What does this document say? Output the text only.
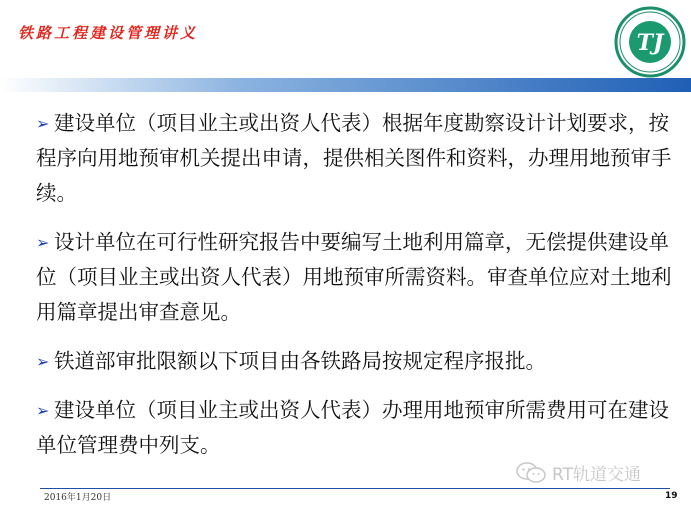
铁路工程建设管理讲义	TJ

➢ 建设单位（项目业主或出资人代表）根据年度勘察设计计划要求，按程序向用地预审机关提出申请，提供相关图件和资料，办理用地预审手续。

➢ 设计单位在可行性研究报告中要编写土地利用篇章，无偿提供建设单位（项目业主或出资人代表）用地预审所需资料。审查单位应对土地利用篇章提出审查意见。

➢ 铁道部审批限额以下项目由各铁路局按规定程序报批。

➢ 建设单位（项目业主或出资人代表）办理用地预审所需费用可在建设单位管理费中列支。

RT轨道交通
2016年1月20日	19
